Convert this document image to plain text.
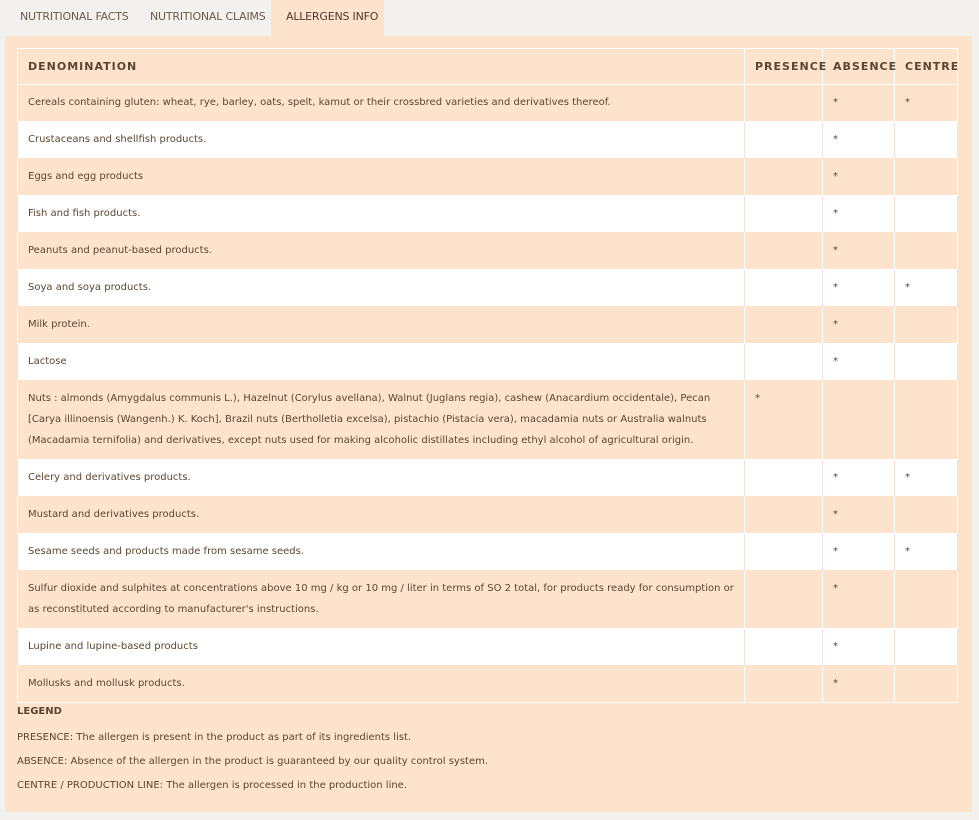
NUTRITIONAL FACTS	NUTRITIONAL CLAIMS	ALLERGENS INFO
DENOMINATION	PRESENCE	ABSENCE	CENTRE
Cereals containing gluten: wheat, rye, barley, oats, spelt, kamut or their crossbred varieties and derivatives thereof.		*	*
Crustaceans and shellfish products.		*	
Eggs and egg products		*	
Fish and fish products.		*	
Peanuts and peanut-based products.		*	
Soya and soya products.		*	*
Milk protein.		*	
Lactose		*	
Nuts : almonds (Amygdalus communis L.), Hazelnut (Corylus avellana), Walnut (Juglans regia), cashew (Anacardium occidentale), Pecan [Carya illinoensis (Wangenh.) K. Koch], Brazil nuts (Bertholletia excelsa), pistachio (Pistacia vera), macadamia nuts or Australia walnuts (Macadamia ternifolia) and derivatives, except nuts used for making alcoholic distillates including ethyl alcohol of agricultural origin.	*		
Celery and derivatives products.		*	*
Mustard and derivatives products.		*	
Sesame seeds and products made from sesame seeds.		*	*
Sulfur dioxide and sulphites at concentrations above 10 mg / kg or 10 mg / liter in terms of SO 2 total, for products ready for consumption or as reconstituted according to manufacturer's instructions.		*	
Lupine and lupine-based products		*	
Mollusks and mollusk products.		*	
LEGEND
PRESENCE: The allergen is present in the product as part of its ingredients list.
ABSENCE: Absence of the allergen in the product is guaranteed by our quality control system.
CENTRE / PRODUCTION LINE: The allergen is processed in the production line.
